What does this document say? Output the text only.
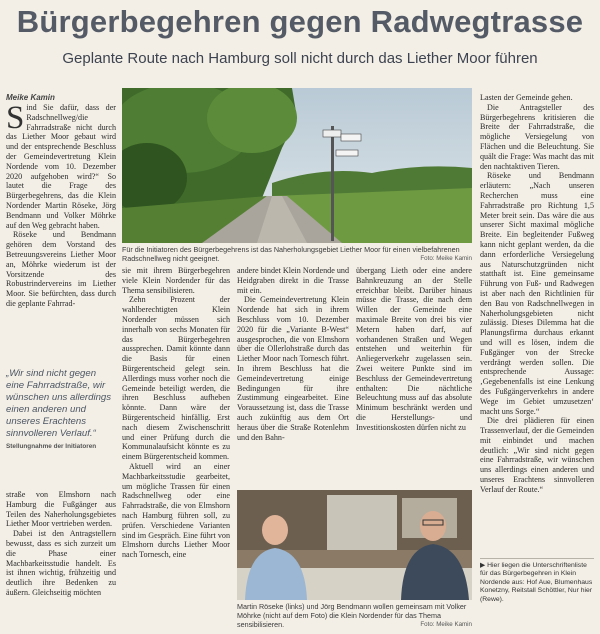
Bürgerbegehren gegen Radwegtrasse
Geplante Route nach Hamburg soll nicht durch das Liether Moor führen
Meike Kamin

Sind Sie dafür, dass der Radschnellweg/die Fahrradstraße nicht durch das Liether Moor gebaut wird und der entsprechende Beschluss der Gemeindevertretung Klein Nordende vom 10. Dezember 2020 aufgehoben wird?“ So lautet die Frage des Bürgerbegehrens, das die Klein Nordender Martin Röseke, Jörg Bendmann und Volker Möhrke auf den Weg gebracht haben.

Röseke und Bendmann gehören dem Vorstand des Betreuungsvereins Liether Moor an, Möhrke wiederum ist der Vorsitzende des Robustrindervereins im Liether Moor. Sie befürchten, dass durch die geplante Fahrrad-

„Wir sind nicht gegen eine Fahrradstraße, wir wünschen uns allerdings einen anderen und unseres Erachtens sinnvolleren Verlauf.“
Stellungnahme der Initiatoren

straße von Elmshorn nach Hamburg die Fußgänger aus Teilen des Naherholungsgebietes Liether Moor vertrieben werden.

Dabei ist den Antragstellern bewusst, dass es sich zurzeit um die Phase einer Machbarkeitsstudie handelt. Es ist ihnen wichtig, frühzeitig und deutlich ihre Bedenken zu äußern. Gleichseitig möchten

Für die Initiatoren des Bürgerbegehrens ist das Naherholungsgebiet Liether Moor für einen vielbefahrenen Radschnellweg nicht geeignet.	Foto: Meike Kamin

sie mit ihrem Bürgerbegehren viele Klein Nordender für das Thema sensibilisieren.

Zehn Prozent der wahlberechtigten Klein Nordender müssen sich innerhalb von sechs Monaten für das Bürgerbegehren aussprechen. Damit könnte dann die Basis für einen Bürgerentscheid gelegt sein. Allerdings muss vorher noch die Gemeinde beteiligt werden, die ihren Beschluss aufheben könnte. Dann wäre der Bürgerentscheid hinfällig. Erst nach diesem Zwischenschritt und einer Prüfung durch die Kommunalaufsicht könnte es zu einem Bürgerentscheid kommen.

Aktuell wird an einer Machbarkeitsstudie gearbeitet, um mögliche Trassen für einen Radschnellweg oder eine Fahrradstraße, die von Elmshorn nach Hamburg führen soll, zu prüfen. Verschiedene Varianten sind im Gespräch. Eine führt von Elmshorn durchs Liether Moor nach Tornesch, eine

andere bindet Klein Nordende und Heidgraben direkt in die Trasse mit ein.

Die Gemeindevertretung Klein Nordende hat sich in ihrem Beschluss vom 10. Dezember 2020 für die „Variante B-West“ ausgesprochen, die von Elmshorn über die Ollerlohstraße durch das Liether Moor nach Tornesch führt. In ihrem Beschluss hat die Gemeindevertretung einige Bedingungen für ihre Zustimmung eingearbeitet. Eine Voraussetzung ist, dass die Trasse auch zukünftig aus dem Ort heraus über die Straße Rotenlehm und den Bahn-

übergang Lieth oder eine andere Bahnkreuzung an der Stelle erreichbar bleibt. Darüber hinaus müsse die Trasse, die nach dem Willen der Gemeinde eine maximale Breite von drei bis vier Metern haben darf, auf vorhandenen Straßen und Wegen entstehen und weiterhin für Anliegerverkehr zugelassen sein. Zwei weitere Punkte sind im Beschluss der Gemeindevertretung enthalten: Die nächtliche Beleuchtung muss auf das absolute Minimum beschränkt werden und die Herstellungs- und Investitionskosten dürfen nicht zu

Martin Röseke (links) und Jörg Bendmann wollen gemeinsam mit Volker Möhrke (nicht auf dem Foto) die Klein Nordender für das Thema sensibilisieren.	Foto: Meike Kamin

Lasten der Gemeinde gehen.

Die Antragsteller des Bürgerbegehrens kritisieren die Breite der Fahrradstraße, die mögliche Versiegelung von Flächen und die Beleuchtung. Sie quält die Frage: Was macht das mit den nachtaktiven Tieren.

Röseke und Bendmann erläutern: „Nach unseren Recherchen muss eine Fahrradstraße pro Richtung 1,5 Meter breit sein. Das wäre die aus unserer Sicht maximal mögliche Breite. Ein begleitender Fußweg kann nicht geplant werden, da die dann erforderliche Versiegelung aus Naturschutzgründen nicht statthaft ist. Eine gemeinsame Führung von Fuß- und Radwegen ist aber nach den Richtlinien für den Bau von Radschnellwegen in Naherholungsgebieten nicht zulässig. Dieses Dilemma hat die Planungsfirma durchaus erkannt und will es lösen, indem die Fußgänger von der Strecke verdrängt werden sollen. Die entsprechende Aussage: ‚Gegebenenfalls ist eine Lenkung des Fußgängerverkehrs in andere Wege im Gebiet umzusetzen‘ macht uns Sorge.“

Die drei plädieren für einen Trassenverlauf, der die Gemeinden mit einbindet und machen deutlich: „Wir sind nicht gegen eine Fahrradstraße, wir wünschen uns allerdings einen anderen und unseres Erachtens sinnvolleren Verlauf der Route.“

▶ Hier liegen die Unterschriftenliste für das Bürgerbegehren in Klein Nordende aus: Hof Aue, Blumenhaus Konetzny, Reitstall Schöttler, Nur hier (Rewe).
